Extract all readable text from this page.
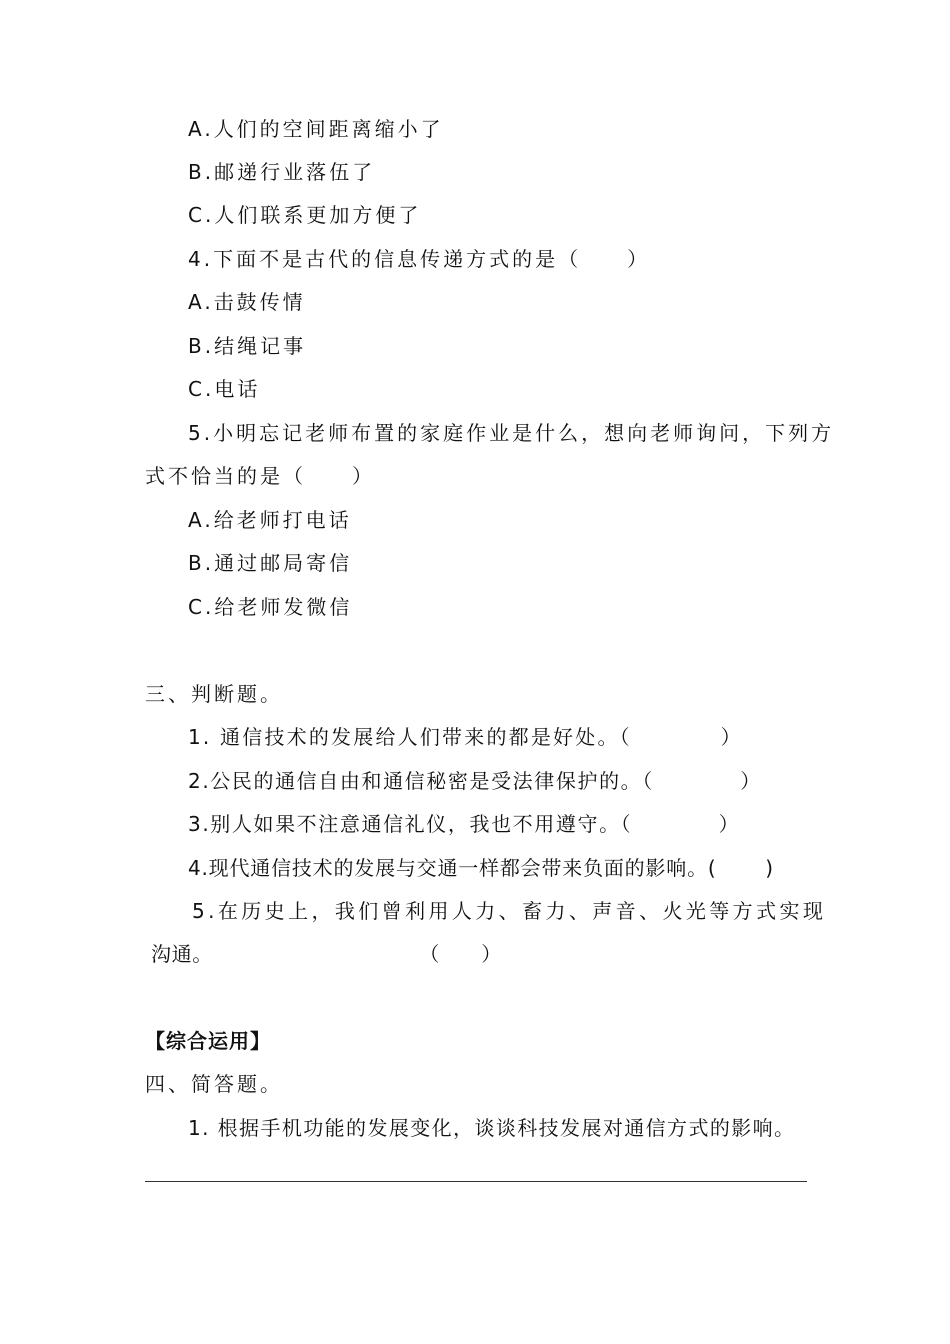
A.人们的空间距离缩小了
B.邮递行业落伍了
C.人们联系更加方便了
4.下面不是古代的信息传递方式的是（　　）
A.击鼓传情
B.结绳记事
C.电话
5.小明忘记老师布置的家庭作业是什么，想向老师询问，下列方
式不恰当的是（　　）
A.给老师打电话
B.通过邮局寄信
C.给老师发微信
三、判断题。
1. 通信技术的发展给人们带来的都是好处。（　　　　）
2.公民的通信自由和通信秘密是受法律保护的。（　　　　）
3.别人如果不注意通信礼仪，我也不用遵守。（　　　　）
4.现代通信技术的发展与交通一样都会带来负面的影响。(　　 )
5.在历史上，我们曾利用人力、畜力、声音、火光等方式实现
沟通。　　　　　　　　　　　（　　）
【综合运用】
四、简答题。
1. 根据手机功能的发展变化，谈谈科技发展对通信方式的影响。
